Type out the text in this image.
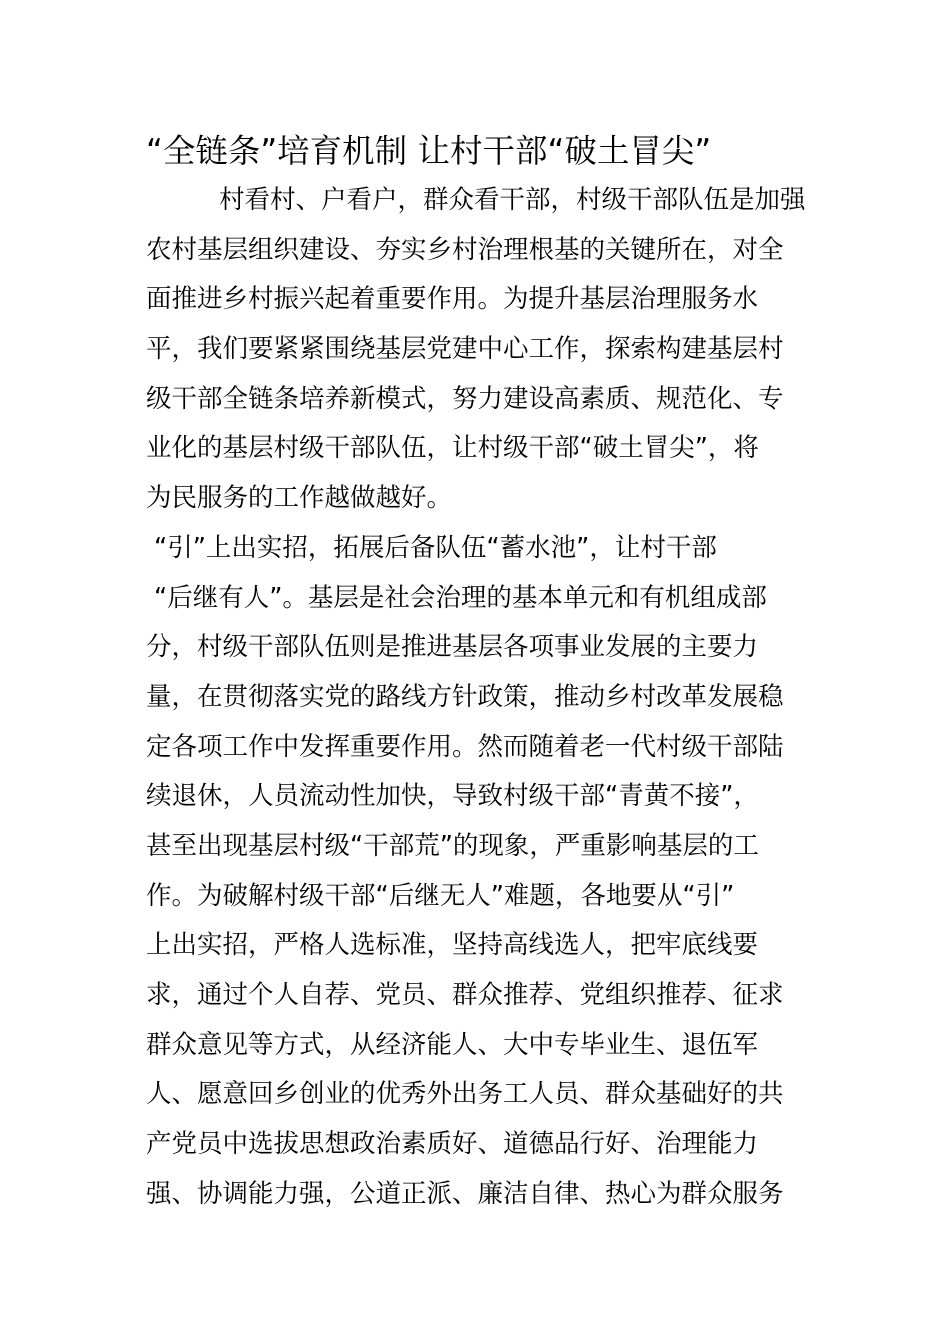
“全链条”培育机制 让村干部“破土冒尖”
村看村、户看户，群众看干部，村级干部队伍是加强
农村基层组织建设、夯实乡村治理根基的关键所在，对全
面推进乡村振兴起着重要作用。为提升基层治理服务水
平，我们要紧紧围绕基层党建中心工作，探索构建基层村
级干部全链条培养新模式，努力建设高素质、规范化、专
业化的基层村级干部队伍，让村级干部“破土冒尖”，将
为民服务的工作越做越好。
“引”上出实招，拓展后备队伍“蓄水池”，让村干部
“后继有人”。基层是社会治理的基本单元和有机组成部
分，村级干部队伍则是推进基层各项事业发展的主要力
量，在贯彻落实党的路线方针政策，推动乡村改革发展稳
定各项工作中发挥重要作用。然而随着老一代村级干部陆
续退休，人员流动性加快，导致村级干部“青黄不接”，
甚至出现基层村级“干部荒”的现象，严重影响基层的工
作。为破解村级干部“后继无人”难题，各地要从“引”
上出实招，严格人选标准，坚持高线选人，把牢底线要
求，通过个人自荐、党员、群众推荐、党组织推荐、征求
群众意见等方式，从经济能人、大中专毕业生、退伍军
人、愿意回乡创业的优秀外出务工人员、群众基础好的共
产党员中选拔思想政治素质好、道德品行好、治理能力
强、协调能力强，公道正派、廉洁自律、热心为群众服务
